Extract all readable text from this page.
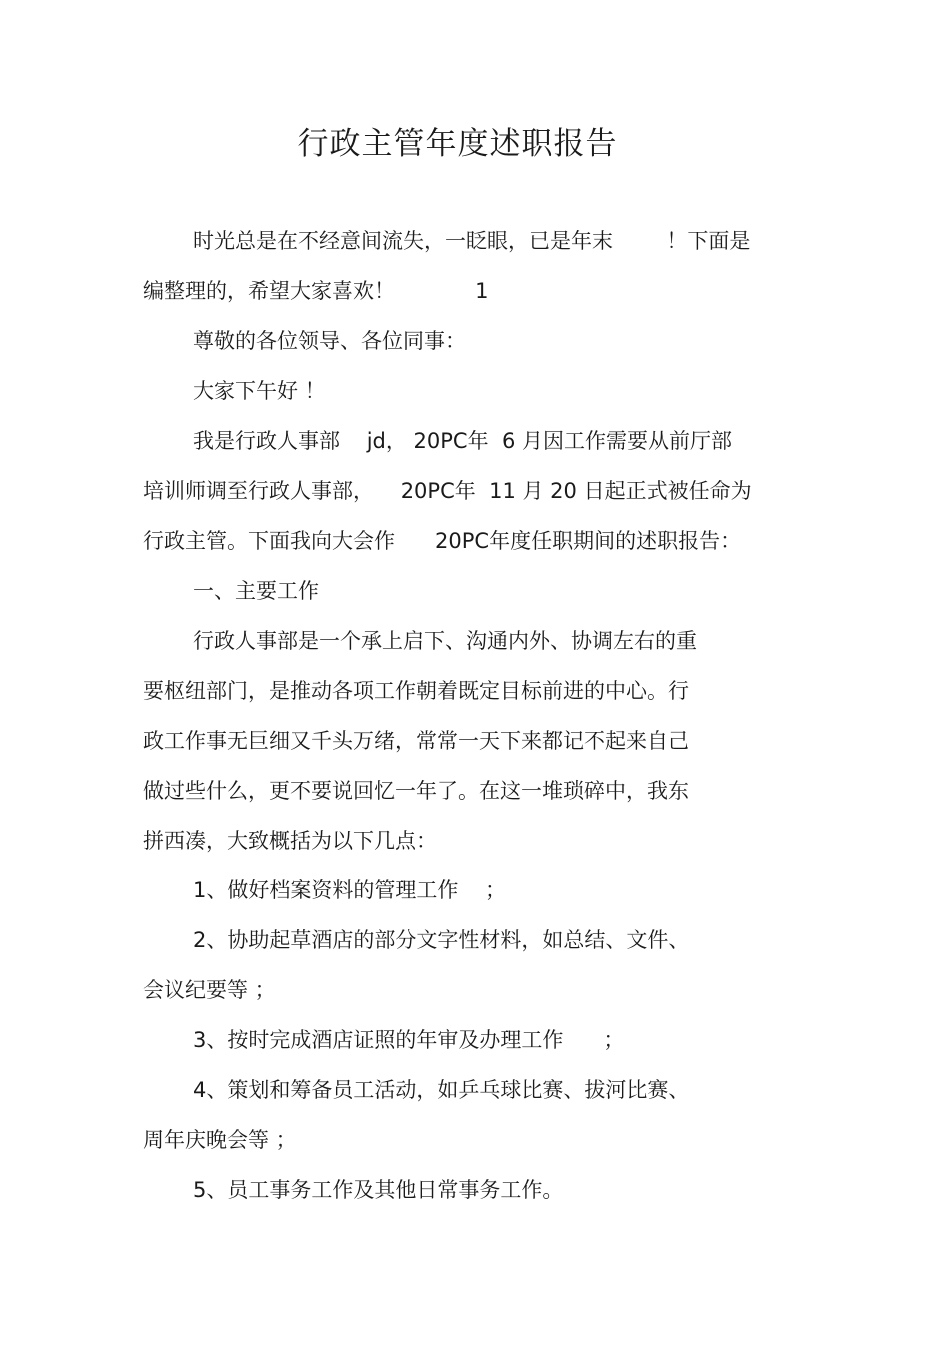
行政主管年度述职报告
时光总是在不经意间流失，一眨眼，已是年末        ！下面是
编整理的，希望大家喜欢！            1
尊敬的各位领导、各位同事：
大家下午好 ！
我是行政人事部    jd， 20PC年  6 月因工作需要从前厅部
培训师调至行政人事部，    20PC年  11 月 20 日起正式被任命为
行政主管。下面我向大会作      20PC年度任职期间的述职报告：
一、主要工作
行政人事部是一个承上启下、沟通内外、协调左右的重
要枢纽部门，是推动各项工作朝着既定目标前进的中心。行
政工作事无巨细又千头万绪，常常一天下来都记不起来自己
做过些什么，更不要说回忆一年了。在这一堆琐碎中，我东
拼西凑，大致概括为以下几点：
1、做好档案资料的管理工作    ；
2、协助起草酒店的部分文字性材料，如总结、文件、
会议纪要等 ；
3、按时完成酒店证照的年审及办理工作      ；
4、策划和筹备员工活动，如乒乓球比赛、拔河比赛、
周年庆晚会等 ；
5、员工事务工作及其他日常事务工作。
